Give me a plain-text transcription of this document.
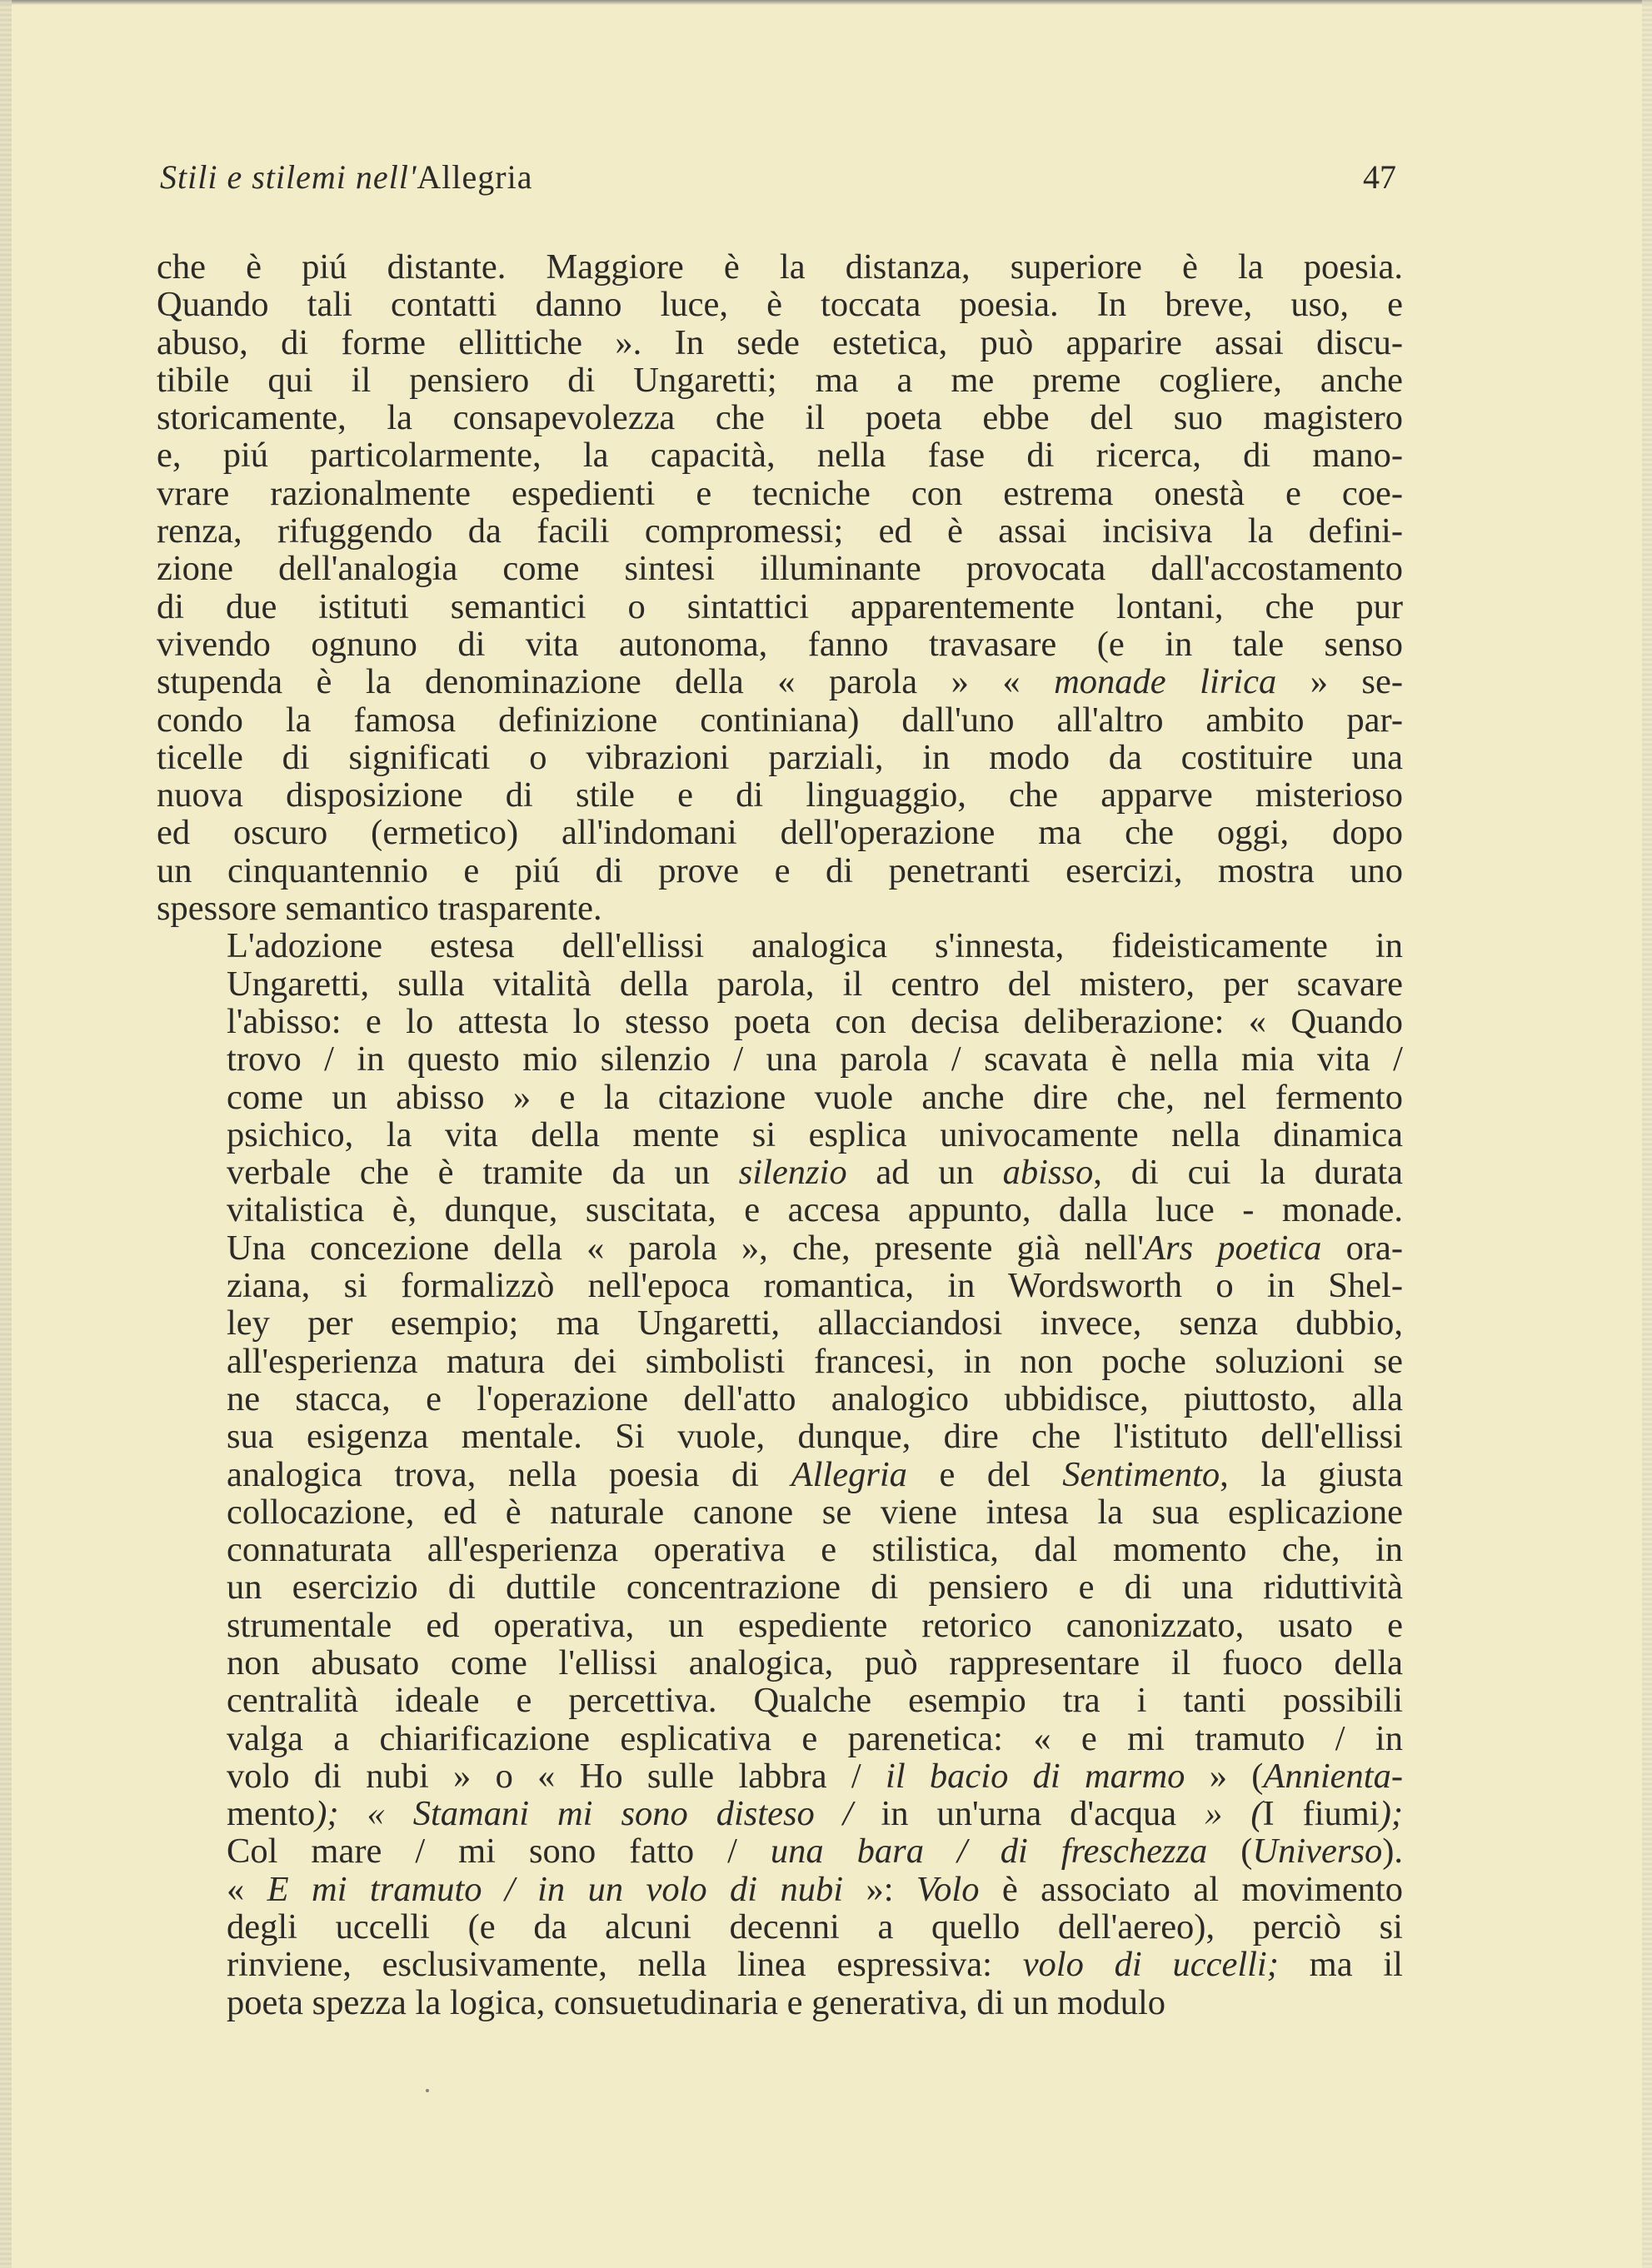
Stili e stilemi nell'Allegria	47

che è piú distante. Maggiore è la distanza, superiore è la poesia.
Quando tali contatti danno luce, è toccata poesia. In breve, uso, e
abuso, di forme ellittiche ». In sede estetica, può apparire assai discu-
tibile qui il pensiero di Ungaretti; ma a me preme cogliere, anche
storicamente, la consapevolezza che il poeta ebbe del suo magistero
e, piú particolarmente, la capacità, nella fase di ricerca, di mano-
vrare razionalmente espedienti e tecniche con estrema onestà e coe-
renza, rifuggendo da facili compromessi; ed è assai incisiva la defini-
zione dell'analogia come sintesi illuminante provocata dall'accostamento
di due istituti semantici o sintattici apparentemente lontani, che pur
vivendo ognuno di vita autonoma, fanno travasare (e in tale senso
stupenda è la denominazione della « parola » « monade lirica » se-
condo la famosa definizione continiana) dall'uno all'altro ambito par-
ticelle di significati o vibrazioni parziali, in modo da costituire una
nuova disposizione di stile e di linguaggio, che apparve misterioso
ed oscuro (ermetico) all'indomani dell'operazione ma che oggi, dopo
un cinquantennio e piú di prove e di penetranti esercizi, mostra uno
spessore semantico trasparente.

L'adozione estesa dell'ellissi analogica s'innesta, fideisticamente in
Ungaretti, sulla vitalità della parola, il centro del mistero, per scavare
l'abisso: e lo attesta lo stesso poeta con decisa deliberazione: « Quando
trovo / in questo mio silenzio / una parola / scavata è nella mia vita /
come un abisso » e la citazione vuole anche dire che, nel fermento
psichico, la vita della mente si esplica univocamente nella dinamica
verbale che è tramite da un silenzio ad un abisso, di cui la durata
vitalistica è, dunque, suscitata, e accesa appunto, dalla luce - monade.
Una concezione della « parola », che, presente già nell'Ars poetica ora-
ziana, si formalizzò nell'epoca romantica, in Wordsworth o in Shel-
ley per esempio; ma Ungaretti, allacciandosi invece, senza dubbio,
all'esperienza matura dei simbolisti francesi, in non poche soluzioni se
ne stacca, e l'operazione dell'atto analogico ubbidisce, piuttosto, alla
sua esigenza mentale. Si vuole, dunque, dire che l'istituto dell'ellissi
analogica trova, nella poesia di Allegria e del Sentimento, la giusta
collocazione, ed è naturale canone se viene intesa la sua esplicazione
connaturata all'esperienza operativa e stilistica, dal momento che, in
un esercizio di duttile concentrazione di pensiero e di una riduttività
strumentale ed operativa, un espediente retorico canonizzato, usato e
non abusato come l'ellissi analogica, può rappresentare il fuoco della
centralità ideale e percettiva. Qualche esempio tra i tanti possibili
valga a chiarificazione esplicativa e parenetica: « e mi tramuto / in
volo di nubi » o « Ho sulle labbra / il bacio di marmo » (Annienta-
mento); « Stamani mi sono disteso / in un'urna d'acqua » (I fiumi);
Col mare / mi sono fatto / una bara / di freschezza (Universo).
« E mi tramuto / in un volo di nubi »: Volo è associato al movimento
degli uccelli (e da alcuni decenni a quello dell'aereo), perciò si
rinviene, esclusivamente, nella linea espressiva: volo di uccelli; ma il
poeta spezza la logica, consuetudinaria e generativa, di un modulo
